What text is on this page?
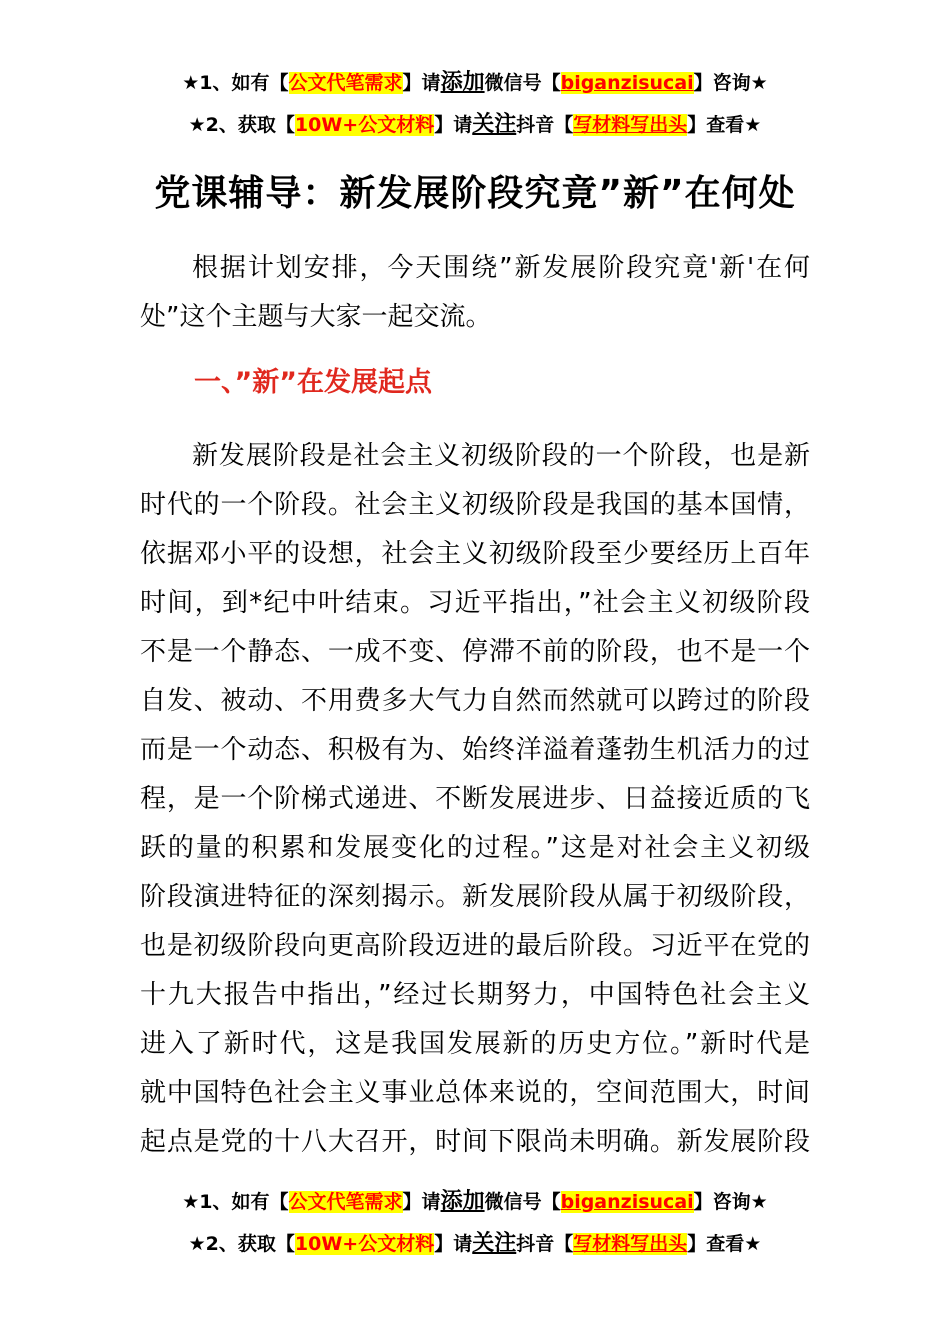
★1、如有【公文代笔需求】请添加微信号【biganzisucai】咨询★
★2、获取【10W+公文材料】请关注抖音【写材料写出头】查看★
党课辅导：新发展阶段究竟”新”在何处
根据计划安排，今天围绕”新发展阶段究竟'新'在何
处”这个主题与大家一起交流。
一、”新”在发展起点
新发展阶段是社会主义初级阶段的一个阶段，也是新
时代的一个阶段。社会主义初级阶段是我国的基本国情，
依据邓小平的设想，社会主义初级阶段至少要经历上百年
时间，到*纪中叶结束。习近平指出，”社会主义初级阶段
不是一个静态、一成不变、停滞不前的阶段，也不是一个
自发、被动、不用费多大气力自然而然就可以跨过的阶段
而是一个动态、积极有为、始终洋溢着蓬勃生机活力的过
程，是一个阶梯式递进、不断发展进步、日益接近质的飞
跃的量的积累和发展变化的过程。”这是对社会主义初级
阶段演进特征的深刻揭示。新发展阶段从属于初级阶段，
也是初级阶段向更高阶段迈进的最后阶段。习近平在党的
十九大报告中指出，”经过长期努力，中国特色社会主义
进入了新时代，这是我国发展新的历史方位。”新时代是
就中国特色社会主义事业总体来说的，空间范围大，时间
起点是党的十八大召开，时间下限尚未明确。新发展阶段
★1、如有【公文代笔需求】请添加微信号【biganzisucai】咨询★
★2、获取【10W+公文材料】请关注抖音【写材料写出头】查看★
